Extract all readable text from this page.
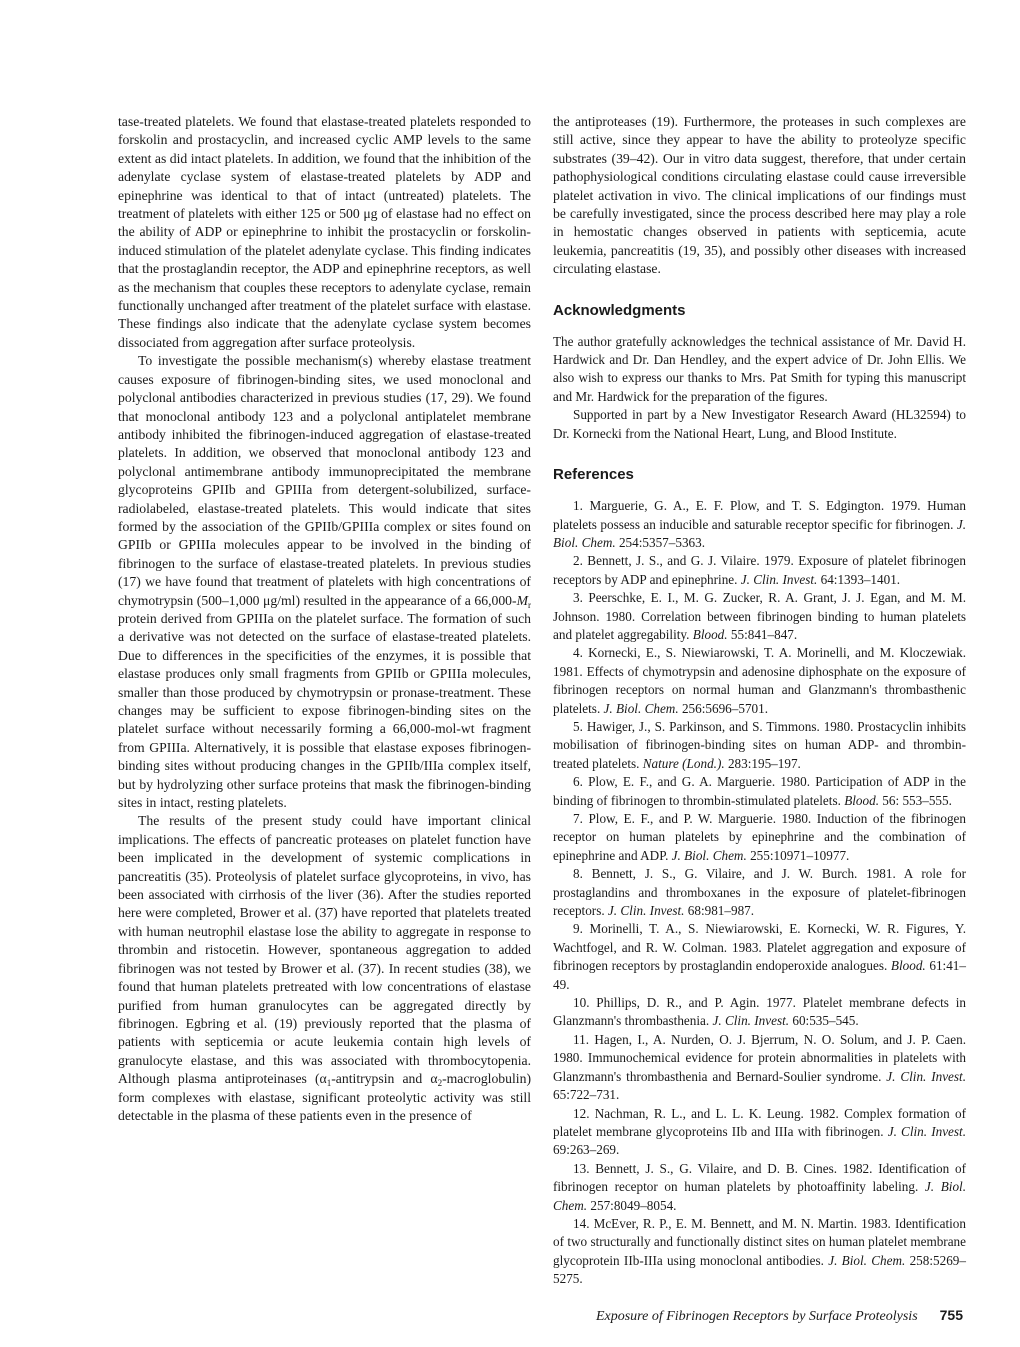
tase-treated platelets. We found that elastase-treated platelets responded to forskolin and prostacyclin, and increased cyclic AMP levels to the same extent as did intact platelets. In addition, we found that the inhibition of the adenylate cyclase system of elastase-treated platelets by ADP and epinephrine was identical to that of intact (untreated) platelets. The treatment of platelets with either 125 or 500 μg of elastase had no effect on the ability of ADP or epinephrine to inhibit the prostacyclin or forskolin-induced stimulation of the platelet adenylate cyclase. This finding indicates that the prostaglandin receptor, the ADP and epinephrine receptors, as well as the mechanism that couples these receptors to adenylate cyclase, remain functionally unchanged after treatment of the platelet surface with elastase. These findings also indicate that the adenylate cyclase system becomes dissociated from aggregation after surface proteolysis.

To investigate the possible mechanism(s) whereby elastase treatment causes exposure of fibrinogen-binding sites, we used monoclonal and polyclonal antibodies characterized in previous studies (17, 29). We found that monoclonal antibody 123 and a polyclonal antiplatelet membrane antibody inhibited the fibrinogen-induced aggregation of elastase-treated platelets. In addition, we observed that monoclonal antibody 123 and polyclonal antimembrane antibody immunoprecipitated the membrane glycoproteins GPIIb and GPIIIa from detergent-solubilized, surface-radiolabeled, elastase-treated platelets. This would indicate that sites formed by the association of the GPIIb/GPIIIa complex or sites found on GPIIb or GPIIIa molecules appear to be involved in the binding of fibrinogen to the surface of elastase-treated platelets. In previous studies (17) we have found that treatment of platelets with high concentrations of chymotrypsin (500–1,000 μg/ml) resulted in the appearance of a $66,000-M_r$ protein derived from GPIIIa on the platelet surface. The formation of such a derivative was not detected on the surface of elastase-treated platelets. Due to differences in the specificities of the enzymes, it is possible that elastase produces only small fragments from GPIIb or GPIIIa molecules, smaller than those produced by chymotrypsin or pronase-treatment. These changes may be sufficient to expose fibrinogen-binding sites on the platelet surface without necessarily forming a 66,000-mol-wt fragment from GPIIIa. Alternatively, it is possible that elastase exposes fibrinogen-binding sites without producing changes in the GPIIb/IIIa complex itself, but by hydrolyzing other surface proteins that mask the fibrinogen-binding sites in intact, resting platelets.

The results of the present study could have important clinical implications. The effects of pancreatic proteases on platelet function have been implicated in the development of systemic complications in pancreatitis (35). Proteolysis of platelet surface glycoproteins, in vivo, has been associated with cirrhosis of the liver (36). After the studies reported here were completed, Brower et al. (37) have reported that platelets treated with human neutrophil elastase lose the ability to aggregate in response to thrombin and ristocetin. However, spontaneous aggregation to added fibrinogen was not tested by Brower et al. (37). In recent studies (38), we found that human platelets pretreated with low concentrations of elastase purified from human granulocytes can be aggregated directly by fibrinogen. Egbring et al. (19) previously reported that the plasma of patients with septicemia or acute leukemia contain high levels of granulocyte elastase, and this was associated with thrombocytopenia. Although plasma antiproteinases ($\alpha_1$-antitrypsin and $\alpha_2-macroglobulin$) form complexes with elastase, significant proteolytic activity was still detectable in the plasma of these patients even in the presence of

the antiproteases (19). Furthermore, the proteases in such complexes are still active, since they appear to have the ability to proteolyze specific substrates (39–42). Our in vitro data suggest, therefore, that under certain pathophysiological conditions circulating elastase could cause irreversible platelet activation in vivo. The clinical implications of our findings must be carefully investigated, since the process described here may play a role in hemostatic changes observed in patients with septicemia, acute leukemia, pancreatitis (19, 35), and possibly other diseases with increased circulating elastase.

Acknowledgments

The author gratefully acknowledges the technical assistance of Mr. David H. Hardwick and Dr. Dan Hendley, and the expert advice of Dr. John Ellis. We also wish to express our thanks to Mrs. Pat Smith for typing this manuscript and Mr. Hardwick for the preparation of the figures.

Supported in part by a New Investigator Research Award (HL32594) to Dr. Kornecki from the National Heart, Lung, and Blood Institute.

References

1. Marguerie, G. A., E. F. Plow, and T. S. Edgington. 1979. Human platelets possess an inducible and saturable receptor specific for fibrinogen. J. Biol. Chem. 254:5357–5363.

2. Bennett, J. S., and G. J. Vilaire. 1979. Exposure of platelet fibrinogen receptors by ADP and epinephrine. J. Clin. Invest. 64:1393–1401.

3. Peerschke, E. I., M. G. Zucker, R. A. Grant, J. J. Egan, and M. M. Johnson. 1980. Correlation between fibrinogen binding to human platelets and platelet aggregability. Blood. 55:841–847.

4. Kornecki, E., S. Niewiarowski, T. A. Morinelli, and M. Kloczewiak. 1981. Effects of chymotrypsin and adenosine diphosphate on the exposure of fibrinogen receptors on normal human and Glanzmann's thrombasthenic platelets. J. Biol. Chem. 256:5696–5701.

5. Hawiger, J., S. Parkinson, and S. Timmons. 1980. Prostacyclin inhibits mobilisation of fibrinogen-binding sites on human ADP- and thrombin-treated platelets. Nature (Lond.). 283:195–197.

6. Plow, E. F., and G. A. Marguerie. 1980. Participation of ADP in the binding of fibrinogen to thrombin-stimulated platelets. Blood. 56: 553–555.

7. Plow, E. F., and P. W. Marguerie. 1980. Induction of the fibrinogen receptor on human platelets by epinephrine and the combination of epinephrine and ADP. J. Biol. Chem. 255:10971–10977.

8. Bennett, J. S., G. Vilaire, and J. W. Burch. 1981. A role for prostaglandins and thromboxanes in the exposure of platelet-fibrinogen receptors. J. Clin. Invest. 68:981–987.

9. Morinelli, T. A., S. Niewiarowski, E. Kornecki, W. R. Figures, Y. Wachtfogel, and R. W. Colman. 1983. Platelet aggregation and exposure of fibrinogen receptors by prostaglandin endoperoxide analogues. Blood. 61:41–49.

10. Phillips, D. R., and P. Agin. 1977. Platelet membrane defects in Glanzmann's thrombasthenia. J. Clin. Invest. 60:535–545.

11. Hagen, I., A. Nurden, O. J. Bjerrum, N. O. Solum, and J. P. Caen. 1980. Immunochemical evidence for protein abnormalities in platelets with Glanzmann's thrombasthenia and Bernard-Soulier syndrome. J. Clin. Invest. 65:722–731.

12. Nachman, R. L., and L. L. K. Leung. 1982. Complex formation of platelet membrane glycoproteins IIb and IIIa with fibrinogen. J. Clin. Invest. 69:263–269.

13. Bennett, J. S., G. Vilaire, and D. B. Cines. 1982. Identification of fibrinogen receptor on human platelets by photoaffinity labeling. J. Biol. Chem. 257:8049–8054.

14. McEver, R. P., E. M. Bennett, and M. N. Martin. 1983. Identification of two structurally and functionally distinct sites on human platelet membrane glycoprotein IIb-IIIa using monoclonal antibodies. J. Biol. Chem. 258:5269–5275.

Exposure of Fibrinogen Receptors by Surface Proteolysis 755
